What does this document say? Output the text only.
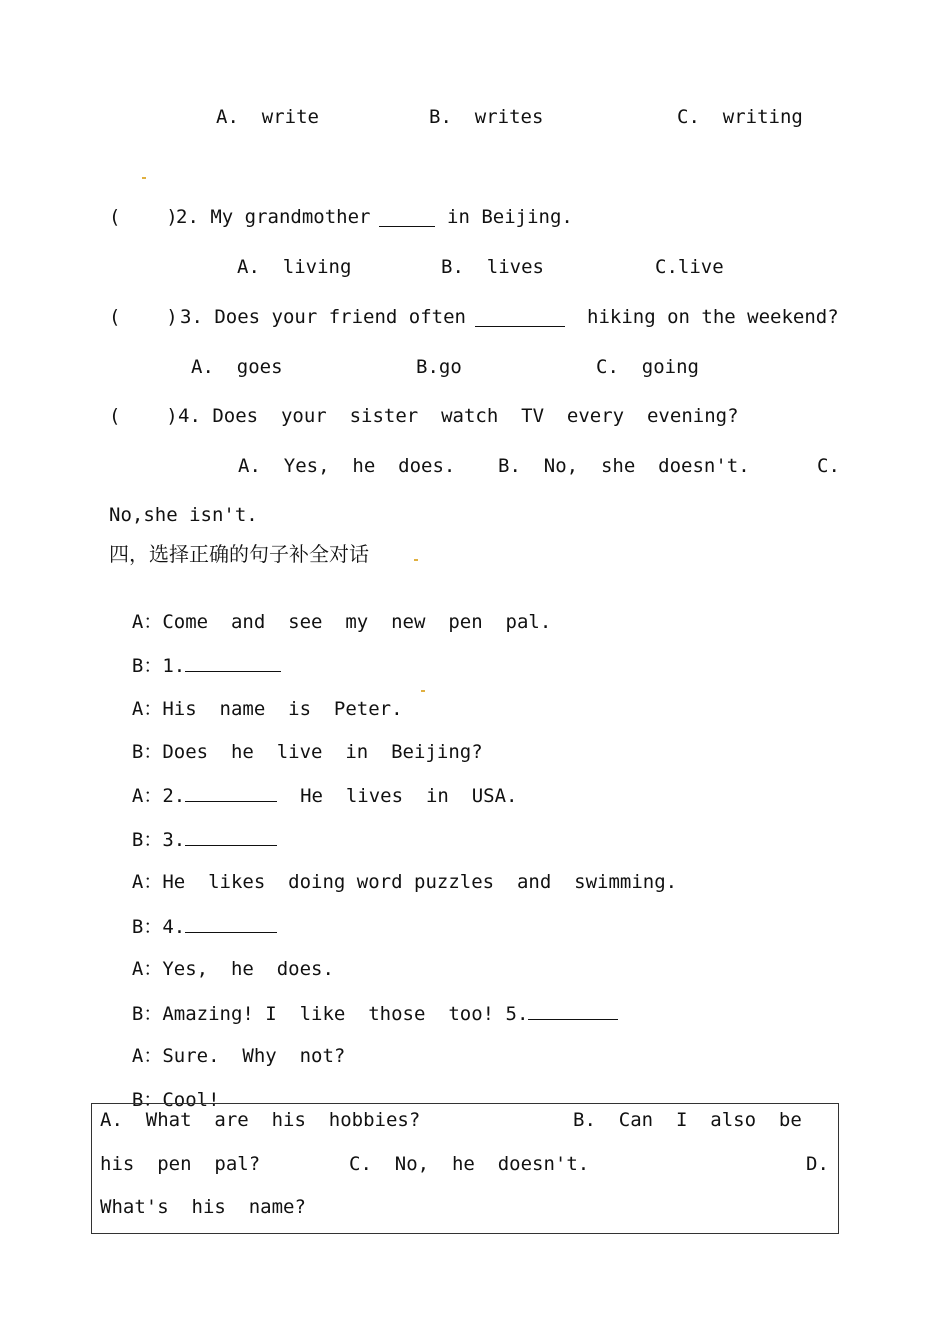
A.  write	B.  writes	C.  writing
(    )
2. My grandmother	in Beijing.
A.  living	B.  lives	C.live
(    ) 3. Does your friend often	hiking on the weekend?
A.  goes	B.go	C.  going
(    ) 4. Does  your  sister  watch  TV  every  evening?
A.  Yes,  he  does. B.  No,  she  doesn't.	C.
No,she isn't.
四，选择正确的句子补全对话

A：Come  and  see  my  new  pen  pal.

B：1.

A：His  name  is  Peter.

B：Does  he  live  in  Beijing?

A：2.	He  lives  in  USA.

B：3.

A：He  likes  doing word puzzles  and  swimming.

B：4.

A：Yes,  he  does.

B：Amazing! I  like  those  too! 5.

A：Sure.  Why  not?

B：Cool!

A.  What  are  his  hobbies?	B.  Can  I  also  be
his  pen  pal?	C.  No,  he  doesn't.	D.
What's  his  name?
